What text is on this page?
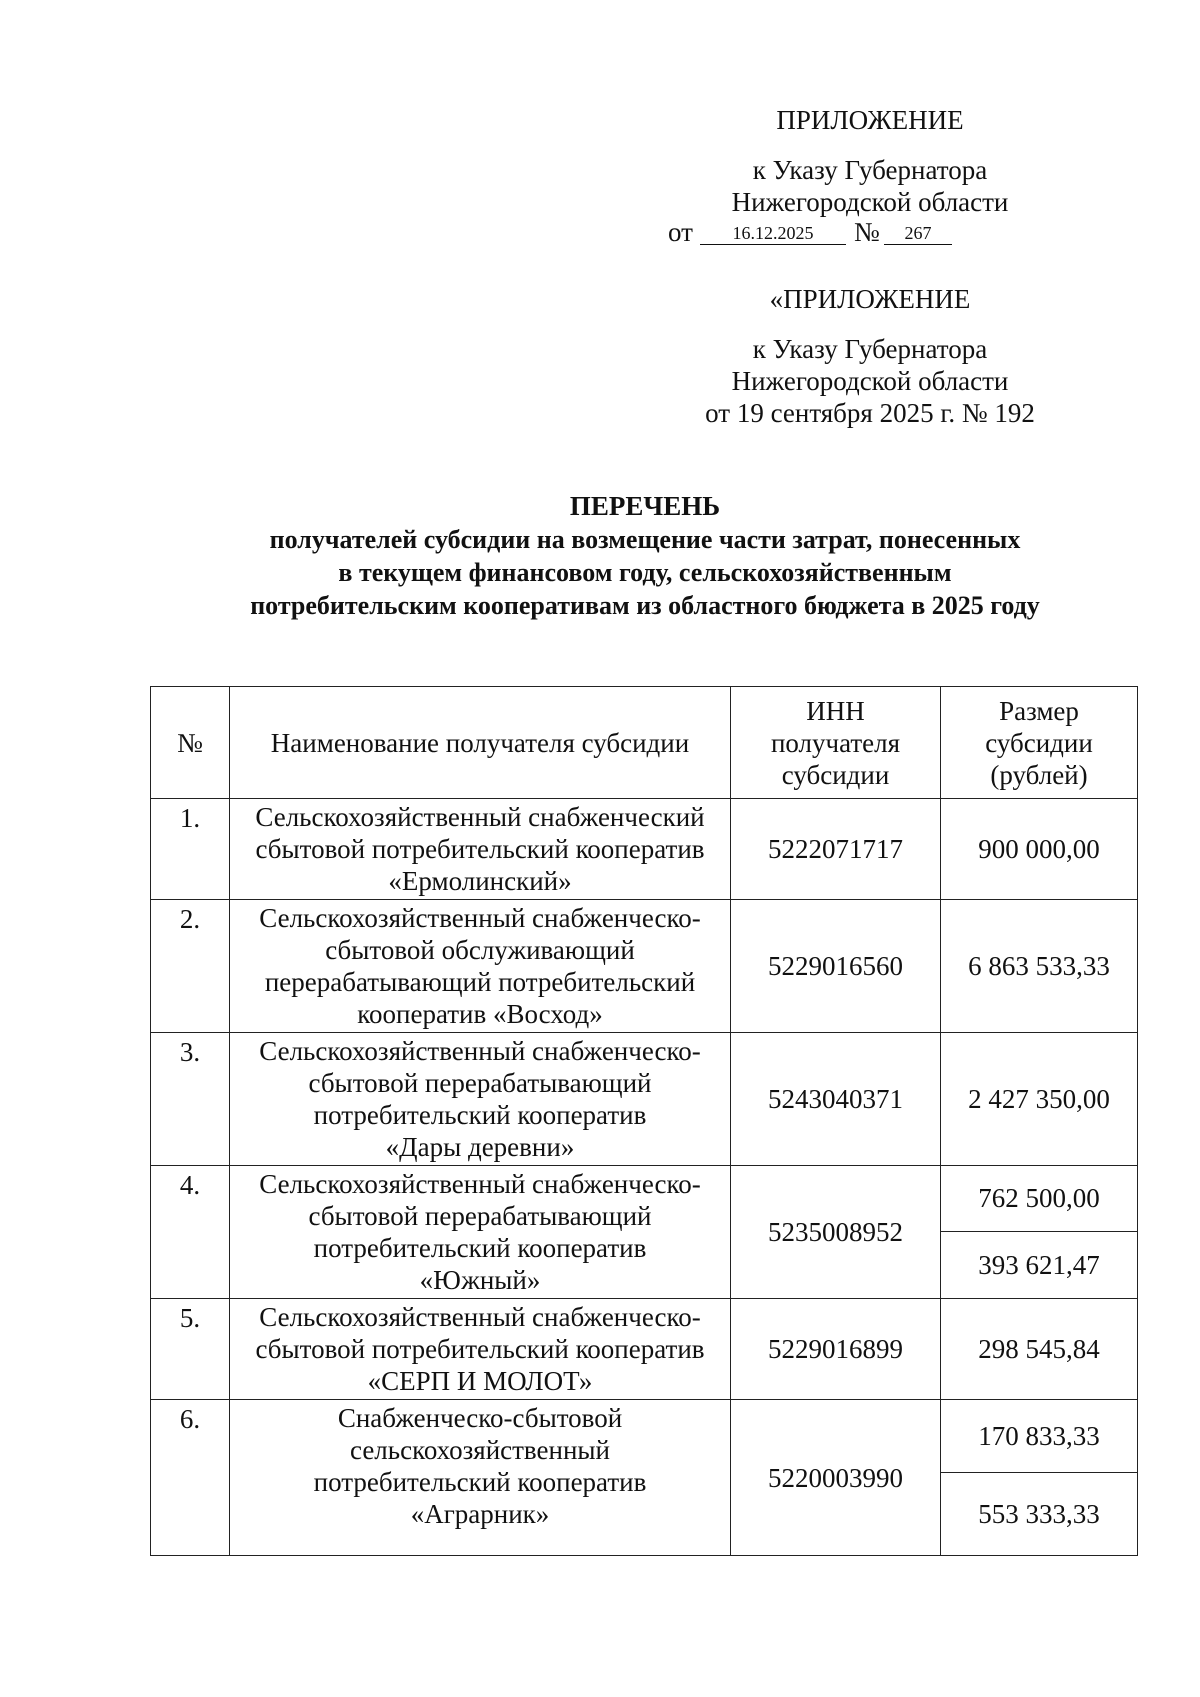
ПРИЛОЖЕНИЕ
к Указу Губернатора
Нижегородской области
от	16.12.2025	№	267
«ПРИЛОЖЕНИЕ
к Указу Губернатора
Нижегородской области
от 19 сентября 2025 г. № 192
ПЕРЕЧЕНЬ
получателей субсидии на возмещение части затрат, понесенных
в текущем финансовом году, сельскохозяйственным
потребительским кооперативам из областного бюджета в 2025 году
№	Наименование получателя субсидии	ИНН
получателя
субсидии	Размер
субсидии
(рублей)

1.	Сельскохозяйственный снабженческий
сбытовой потребительский кооператив
«Ермолинский»	5222071717	900 000,00
2.	Сельскохозяйственный снабженческо-
сбытовой обслуживающий
перерабатывающий потребительский
кооператив «Восход»	5229016560	6 863 533,33
3.	Сельскохозяйственный снабженческо-
сбытовой перерабатывающий
потребительский кооператив
«Дары деревни»	5243040371	2 427 350,00
4.	Сельскохозяйственный снабженческо-
сбытовой перерабатывающий
потребительский кооператив
«Южный»	5235008952	762 500,00
			393 621,47
5.	Сельскохозяйственный снабженческо-
сбытовой потребительский кооператив
«СЕРП И МОЛОТ»	5229016899	298 545,84
6.	Снабженческо-сбытовой
сельскохозяйственный
потребительский кооператив
«Аграрник»	5220003990	170 833,33
			553 333,33
